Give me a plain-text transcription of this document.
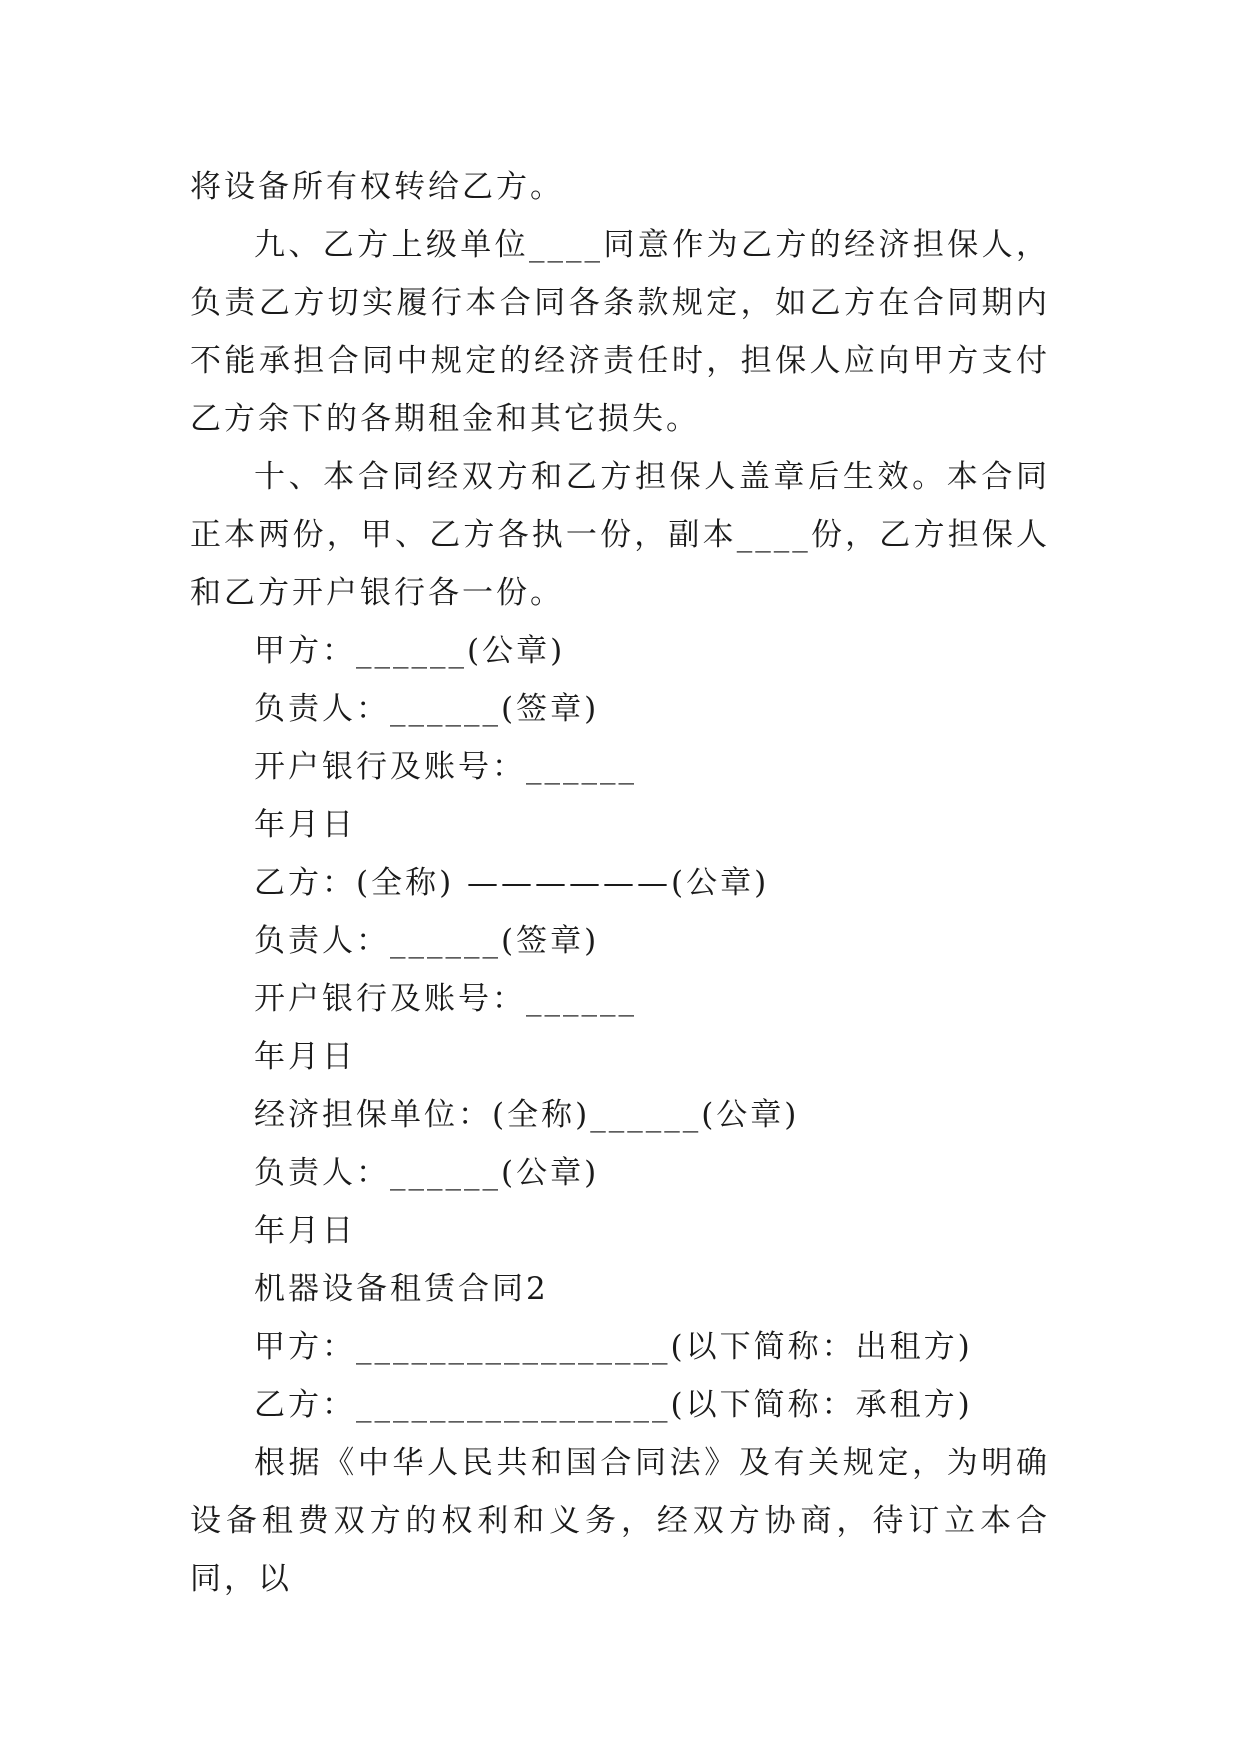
将设备所有权转给乙方。

九、乙方上级单位____同意作为乙方的经济担保人，负责乙方切实履行本合同各条款规定，如乙方在合同期内不能承担合同中规定的经济责任时，担保人应向甲方支付乙方余下的各期租金和其它损失。

十、本合同经双方和乙方担保人盖章后生效。本合同正本两份，甲、乙方各执一份，副本____份，乙方担保人和乙方开户银行各一份。

甲方：______(公章)

负责人：______(签章)

开户银行及账号：______

年月日

乙方：(全称) ——————(公章)

负责人：______(签章)

开户银行及账号：______

年月日

经济担保单位：(全称)______(公章)

负责人：______(公章)

年月日

机器设备租赁合同2

甲方：_________________(以下简称：出租方)

乙方：_________________(以下简称：承租方)

根据《中华人民共和国合同法》及有关规定，为明确设备租费双方的权利和义务，经双方协商，待订立本合同，以
